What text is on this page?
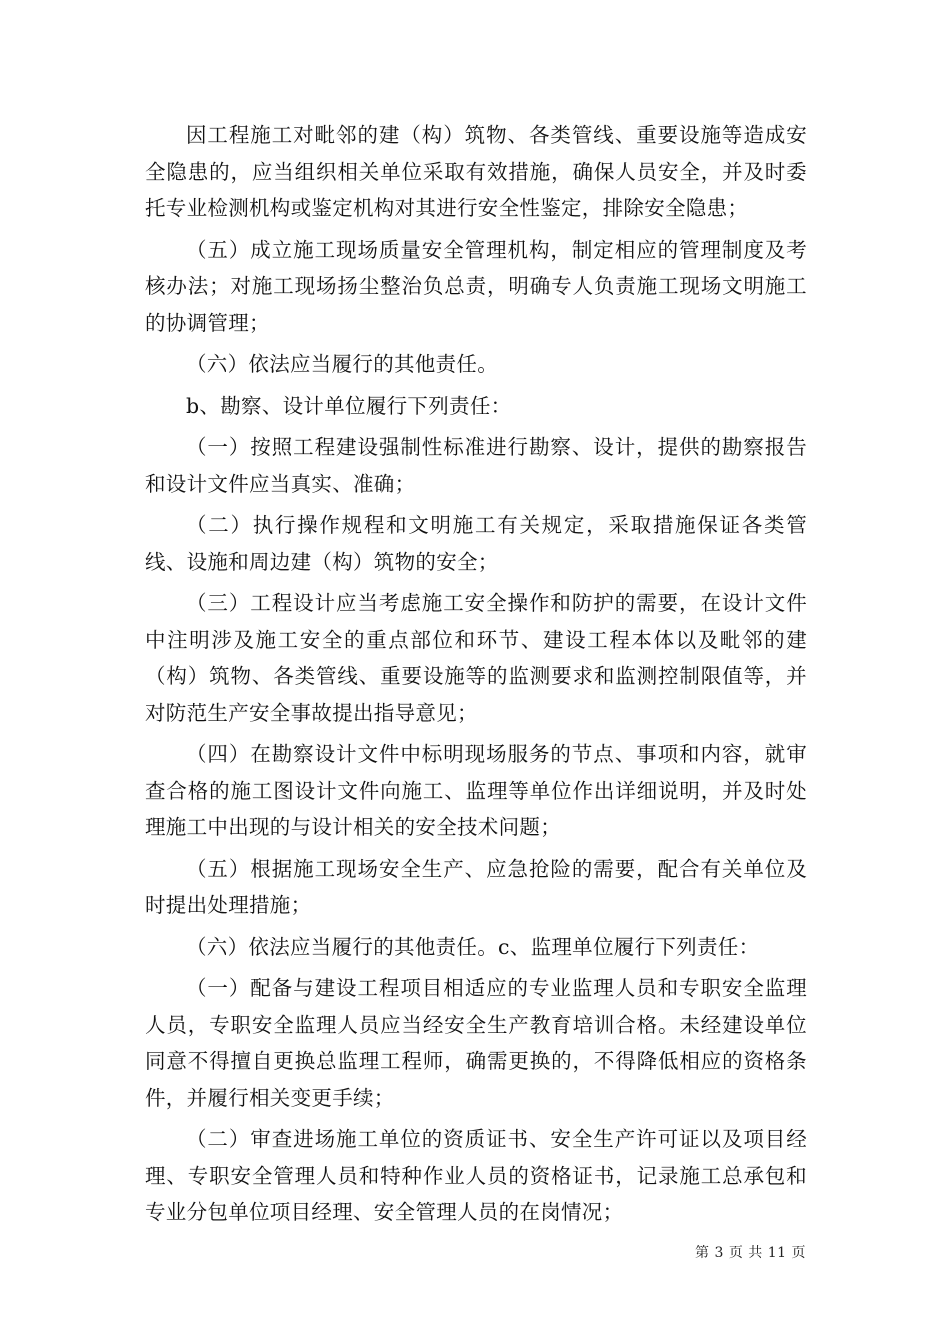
因工程施工对毗邻的建（构）筑物、各类管线、重要设施等造成安全隐患的，应当组织相关单位采取有效措施，确保人员安全，并及时委托专业检测机构或鉴定机构对其进行安全性鉴定，排除安全隐患；

（五）成立施工现场质量安全管理机构，制定相应的管理制度及考核办法；对施工现场扬尘整治负总责，明确专人负责施工现场文明施工的协调管理；

（六）依法应当履行的其他责任。

b、勘察、设计单位履行下列责任：

（一）按照工程建设强制性标准进行勘察、设计，提供的勘察报告和设计文件应当真实、准确；

（二）执行操作规程和文明施工有关规定，采取措施保证各类管线、设施和周边建（构）筑物的安全；

（三）工程设计应当考虑施工安全操作和防护的需要，在设计文件中注明涉及施工安全的重点部位和环节、建设工程本体以及毗邻的建（构）筑物、各类管线、重要设施等的监测要求和监测控制限值等，并对防范生产安全事故提出指导意见；

（四）在勘察设计文件中标明现场服务的节点、事项和内容，就审查合格的施工图设计文件向施工、监理等单位作出详细说明，并及时处理施工中出现的与设计相关的安全技术问题；

（五）根据施工现场安全生产、应急抢险的需要，配合有关单位及时提出处理措施；

（六）依法应当履行的其他责任。c、监理单位履行下列责任：

（一）配备与建设工程项目相适应的专业监理人员和专职安全监理人员，专职安全监理人员应当经安全生产教育培训合格。未经建设单位同意不得擅自更换总监理工程师，确需更换的，不得降低相应的资格条件，并履行相关变更手续；

（二）审查进场施工单位的资质证书、安全生产许可证以及项目经理、专职安全管理人员和特种作业人员的资格证书，记录施工总承包和专业分包单位项目经理、安全管理人员的在岗情况；

第 3 页 共 11 页
